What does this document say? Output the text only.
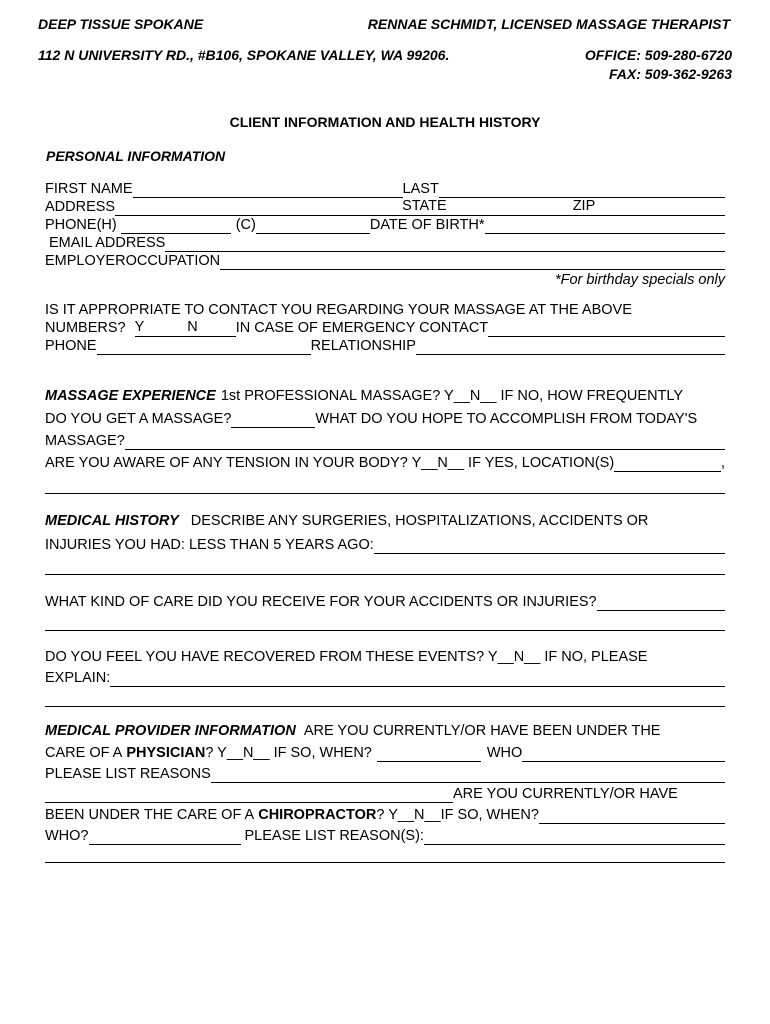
DEEP TISSUE SPOKANE	RENNAE SCHMIDT, LICENSED MASSAGE THERAPIST
112 N UNIVERSITY RD., #B106, SPOKANE VALLEY, WA 99206.	OFFICE: 509-280-6720
FAX: 509-362-9263
CLIENT INFORMATION AND HEALTH HISTORY
PERSONAL INFORMATION
FIRST NAME	LAST
ADDRESS	STATE	ZIP
PHONE(H)	(C)	DATE OF BIRTH*
EMAIL ADDRESS
EMPLOYEROCCUPATION
*For birthday specials only
IS IT APPROPRIATE TO CONTACT YOU REGARDING YOUR MASSAGE AT THE ABOVE
NUMBERS? Y	N	IN CASE OF EMERGENCY CONTACT
PHONE	RELATIONSHIP
MASSAGE EXPERIENCE 1st PROFESSIONAL MASSAGE? Y__N__ IF NO, HOW FREQUENTLY
DO YOU GET A MASSAGE?	WHAT DO YOU HOPE TO ACCOMPLISH FROM TODAY'S
MASSAGE?
ARE YOU AWARE OF ANY TENSION IN YOUR BODY? Y__N__ IF YES, LOCATION(S)	,
MEDICAL HISTORY DESCRIBE ANY SURGERIES, HOSPITALIZATIONS, ACCIDENTS OR
INJURIES YOU HAD: LESS THAN 5 YEARS AGO:
WHAT KIND OF CARE DID YOU RECEIVE FOR YOUR ACCIDENTS OR INJURIES?
DO YOU FEEL YOU HAVE RECOVERED FROM THESE EVENTS? Y__N__ IF NO, PLEASE
EXPLAIN:
MEDICAL PROVIDER INFORMATION ARE YOU CURRENTLY/OR HAVE BEEN UNDER THE
CARE OF A PHYSICIAN ? Y__N__ IF SO, WHEN?	WHO
PLEASE LIST REASONS
ARE YOU CURRENTLY/OR HAVE
BEEN UNDER THE CARE OF A CHIROPRACTOR ? Y__N__IF SO, WHEN?
WHO?	PLEASE LIST REASON(S):
